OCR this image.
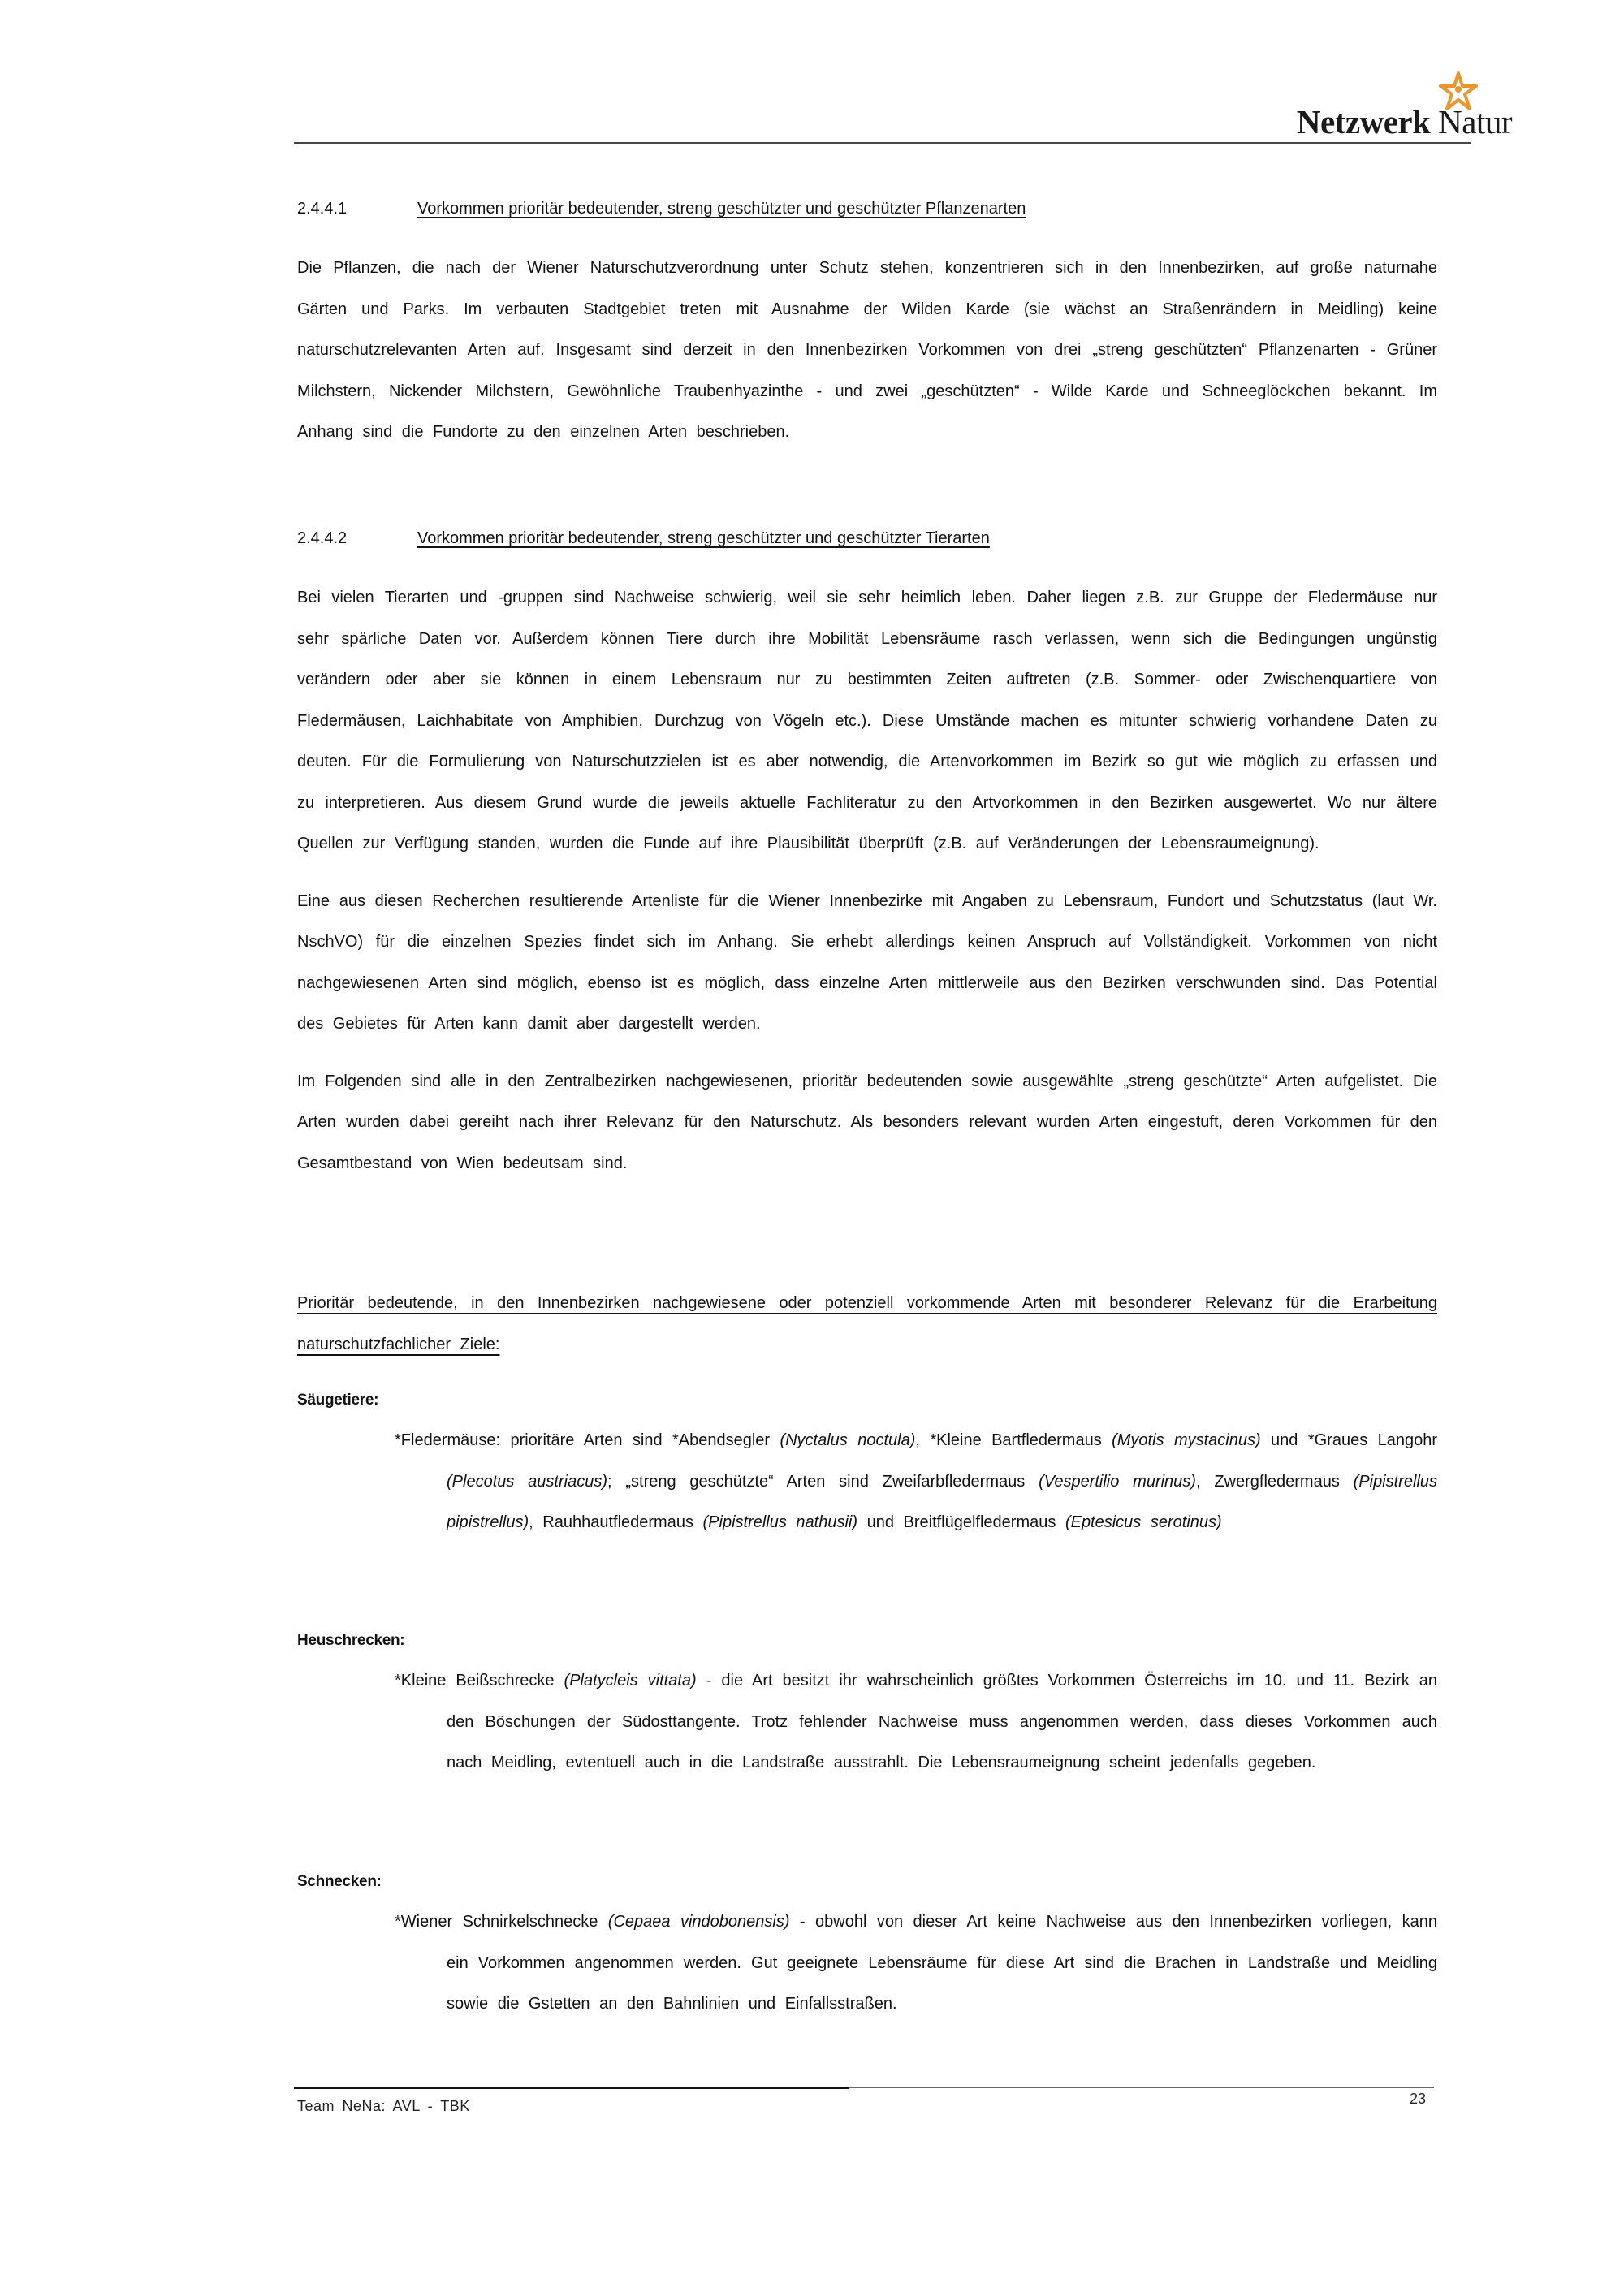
Netzwerk Natur
2.4.4.1	Vorkommen prioritär bedeutender, streng geschützter und geschützter Pflanzenarten

Die Pflanzen, die nach der Wiener Naturschutzverordnung unter Schutz stehen, konzentrieren sich in den Innenbezirken, auf große naturnahe Gärten und Parks. Im verbauten Stadtgebiet treten mit Ausnahme der Wilden Karde (sie wächst an Straßenrändern in Meidling) keine naturschutzrelevanten Arten auf. Insgesamt sind derzeit in den Innenbezirken Vorkommen von drei „streng geschützten“ Pflanzenarten - Grüner Milchstern, Nickender Milchstern, Gewöhnliche Traubenhyazinthe - und zwei „geschützten“ - Wilde Karde und Schneeglöckchen bekannt. Im Anhang sind die Fundorte zu den einzelnen Arten beschrieben.

2.4.4.2	Vorkommen prioritär bedeutender, streng geschützter und geschützter Tierarten

Bei vielen Tierarten und -gruppen sind Nachweise schwierig, weil sie sehr heimlich leben. Daher liegen z.B. zur Gruppe der Fledermäuse nur sehr spärliche Daten vor. Außerdem können Tiere durch ihre Mobilität Lebensräume rasch verlassen, wenn sich die Bedingungen ungünstig verändern oder aber sie können in einem Lebensraum nur zu bestimmten Zeiten auftreten (z.B. Sommer- oder Zwischenquartiere von Fledermäusen, Laichhabitate von Amphibien, Durchzug von Vögeln etc.). Diese Umstände machen es mitunter schwierig vorhandene Daten zu deuten. Für die Formulierung von Naturschutzzielen ist es aber notwendig, die Artenvorkommen im Bezirk so gut wie möglich zu erfassen und zu interpretieren. Aus diesem Grund wurde die jeweils aktuelle Fachliteratur zu den Artvorkommen in den Bezirken ausgewertet. Wo nur ältere Quellen zur Verfügung standen, wurden die Funde auf ihre Plausibilität überprüft (z.B. auf Veränderungen der Lebensraumeignung).

Eine aus diesen Recherchen resultierende Artenliste für die Wiener Innenbezirke mit Angaben zu Lebensraum, Fundort und Schutzstatus (laut Wr. NschVO) für die einzelnen Spezies findet sich im Anhang. Sie erhebt allerdings keinen Anspruch auf Vollständigkeit. Vorkommen von nicht nachgewiesenen Arten sind möglich, ebenso ist es möglich, dass einzelne Arten mittlerweile aus den Bezirken verschwunden sind. Das Potential des Gebietes für Arten kann damit aber dargestellt werden.

Im Folgenden sind alle in den Zentralbezirken nachgewiesenen, prioritär bedeutenden sowie ausgewählte „streng geschützte“ Arten aufgelistet. Die Arten wurden dabei gereiht nach ihrer Relevanz für den Naturschutz. Als besonders relevant wurden Arten eingestuft, deren Vorkommen für den Gesamtbestand von Wien bedeutsam sind.

Prioritär bedeutende, in den Innenbezirken nachgewiesene oder potenziell vorkommende Arten mit besonderer Relevanz für die Erarbeitung naturschutzfachlicher Ziele:

Säugetiere:

*Fledermäuse: prioritäre Arten sind *Abendsegler (Nyctalus noctula), *Kleine Bartfledermaus (Myotis mystacinus) und *Graues Langohr (Plecotus austriacus); „streng geschützte“ Arten sind Zweifarbfledermaus (Vespertilio murinus), Zwergfledermaus (Pipistrellus pipistrellus), Rauhhautfledermaus (Pipistrellus nathusii) und Breitflügelfledermaus (Eptesicus serotinus)

Heuschrecken:

*Kleine Beißschrecke (Platycleis vittata) - die Art besitzt ihr wahrscheinlich größtes Vorkommen Österreichs im 10. und 11. Bezirk an den Böschungen der Südosttangente. Trotz fehlender Nachweise muss angenommen werden, dass dieses Vorkommen auch nach Meidling, evtentuell auch in die Landstraße ausstrahlt. Die Lebensraumeignung scheint jedenfalls gegeben.

Schnecken:

*Wiener Schnirkelschnecke (Cepaea vindobonensis) - obwohl von dieser Art keine Nachweise aus den Innenbezirken vorliegen, kann ein Vorkommen angenommen werden. Gut geeignete Lebensräume für diese Art sind die Brachen in Landstraße und Meidling sowie die Gstetten an den Bahnlinien und Einfallsstraßen.

Team NeNa: AVL - TBK	23
